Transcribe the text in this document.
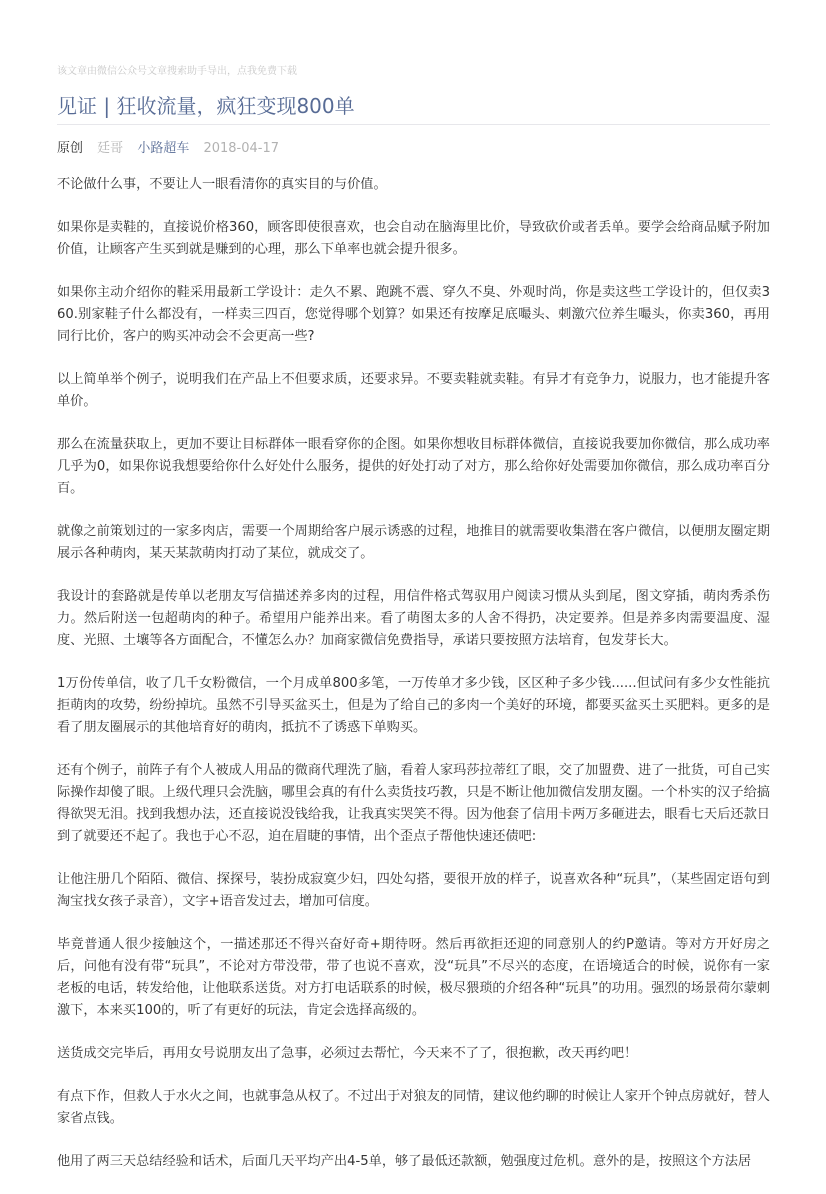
该文章由微信公众号文章搜索助手导出，点我免费下载
见证 | 狂收流量，疯狂变现800单
原创 廷哥 小路超车 2018-04-17

不论做什么事，不要让人一眼看清你的真实目的与价值。

如果你是卖鞋的，直接说价格360，顾客即使很喜欢，也会自动在脑海里比价，导致砍价或者丢单。要学会给商品赋予附加价值，让顾客产生买到就是赚到的心理，那么下单率也就会提升很多。

如果你主动介绍你的鞋采用最新工学设计：走久不累、跑跳不震、穿久不臭、外观时尚，你是卖这些工学设计的，但仅卖360.别家鞋子什么都没有，一样卖三四百，您觉得哪个划算？如果还有按摩足底嘬头、刺激穴位养生嘬头，你卖360，再用同行比价，客户的购买冲动会不会更高一些?

以上简单举个例子，说明我们在产品上不但要求质，还要求异。不要卖鞋就卖鞋。有异才有竞争力，说服力，也才能提升客单价。

那么在流量获取上，更加不要让目标群体一眼看穿你的企图。如果你想收目标群体微信，直接说我要加你微信，那么成功率几乎为0，如果你说我想要给你什么好处什么服务，提供的好处打动了对方，那么给你好处需要加你微信，那么成功率百分百。

就像之前策划过的一家多肉店，需要一个周期给客户展示诱惑的过程，地推目的就需要收集潜在客户微信，以便朋友圈定期展示各种萌肉，某天某款萌肉打动了某位，就成交了。

我设计的套路就是传单以老朋友写信描述养多肉的过程，用信件格式驾驭用户阅读习惯从头到尾，图文穿插，萌肉秀杀伤力。然后附送一包超萌肉的种子。希望用户能养出来。看了萌图太多的人舍不得扔，决定要养。但是养多肉需要温度、湿度、光照、土壤等各方面配合，不懂怎么办？加商家微信免费指导，承诺只要按照方法培育，包发芽长大。

1万份传单信，收了几千女粉微信，一个月成单800多笔，一万传单才多少钱，区区种子多少钱......但试问有多少女性能抗拒萌肉的攻势，纷纷掉坑。虽然不引导买盆买土，但是为了给自己的多肉一个美好的环境，都要买盆买土买肥料。更多的是看了朋友圈展示的其他培育好的萌肉，抵抗不了诱惑下单购买。

还有个例子，前阵子有个人被成人用品的微商代理洗了脑，看着人家玛莎拉蒂红了眼，交了加盟费、进了一批货，可自己实际操作却傻了眼。上级代理只会洗脑，哪里会真的有什么卖货技巧教，只是不断让他加微信发朋友圈。一个朴实的汉子给搞得欲哭无泪。找到我想办法，还直接说没钱给我，让我真实哭笑不得。因为他套了信用卡两万多砸进去，眼看七天后还款日到了就要还不起了。我也于心不忍，迫在眉睫的事情，出个歪点子帮他快速还债吧:

让他注册几个陌陌、微信、探探号，装扮成寂寞少妇，四处勾搭，要很开放的样子，说喜欢各种“玩具”，（某些固定语句到淘宝找女孩子录音），文字+语音发过去，增加可信度。

毕竟普通人很少接触这个，一描述那还不得兴奋好奇+期待呀。然后再欲拒还迎的同意别人的约P邀请。等对方开好房之后，问他有没有带“玩具”，不论对方带没带，带了也说不喜欢，没“玩具”不尽兴的态度，在语境适合的时候，说你有一家老板的电话，转发给他，让他联系送货。对方打电话联系的时候，极尽猥琐的介绍各种“玩具”的功用。强烈的场景荷尔蒙刺激下，本来买100的，听了有更好的玩法，肯定会选择高级的。

送货成交完毕后，再用女号说朋友出了急事，必须过去帮忙，今天来不了了，很抱歉，改天再约吧！

有点下作，但救人于水火之间，也就事急从权了。不过出于对狼友的同情，建议他约聊的时候让人家开个钟点房就好，替人家省点钱。

他用了两三天总结经验和话术，后面几天平均产出4-5单，够了最低还款额，勉强度过危机。意外的是，按照这个方法居
